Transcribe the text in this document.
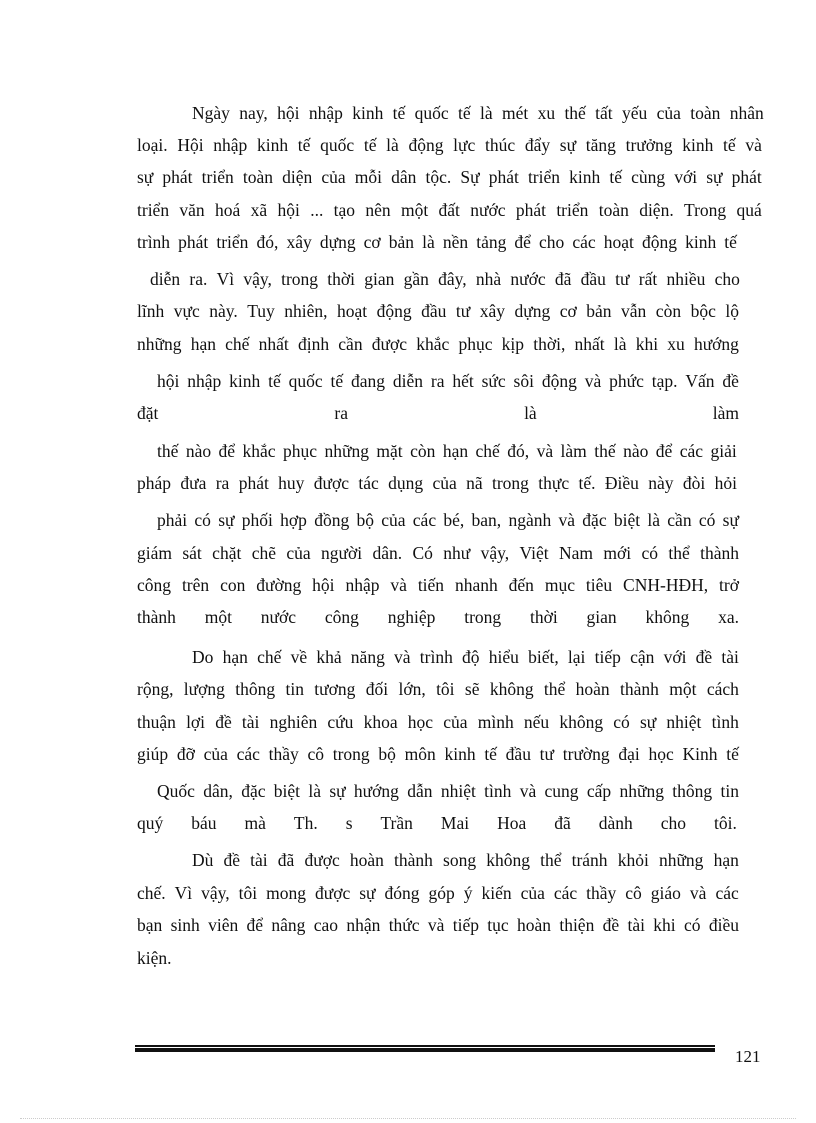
Ngày nay, hội nhập kinh tế quốc tế là mét xu thế tất yếu của toàn nhân
loại. Hội nhập kinh tế quốc tế là động lực thúc đẩy sự tăng trưởng kinh tế và
sự phát triển toàn diện của mỗi dân tộc. Sự phát triển kinh tế cùng với sự phát
triển văn hoá xã hội ... tạo nên một đất nước phát triển toàn diện. Trong quá
trình phát triển đó, xây dựng cơ bản là nền tảng để cho các hoạt động kinh tế
diễn ra. Vì vậy, trong thời gian gần đây, nhà nước đã đầu tư rất nhiều cho
lĩnh vực này. Tuy nhiên, hoạt động đầu tư xây dựng cơ bản vẫn còn bộc lộ
những hạn chế nhất định cần được khắc phục kịp thời, nhất là khi xu hướng
hội nhập kinh tế quốc tế đang diễn ra hết sức sôi động và phức tạp. Vấn đề
đặt	ra	là	làm
thế nào để khắc phục những mặt còn hạn chế đó, và làm thế nào để các giải
pháp đưa ra phát huy được tác dụng của nã trong thực tế. Điều này đòi hỏi
phải có sự phối hợp đồng bộ của các bé, ban, ngành và đặc biệt là cần có sự
giám sát chặt chẽ của người dân. Có như vậy, Việt Nam mới có thể thành
công trên con đường hội nhập và tiến nhanh đến mục tiêu CNH-HĐH, trở
thành một nước công nghiệp trong thời gian không xa.
Do hạn chế về khả năng và trình độ hiểu biết, lại tiếp cận với đề tài
rộng, lượng thông tin tương đối lớn, tôi sẽ không thể hoàn thành một cách
thuận lợi đề tài nghiên cứu khoa học của mình nếu không có sự nhiệt tình
giúp đỡ của các thầy cô trong bộ môn kinh tế đầu tư trường đại học Kinh tế
Quốc dân, đặc biệt là sự hướng dẫn nhiệt tình và cung cấp những thông tin
quý báu mà Th. s Trần Mai Hoa đã dành cho tôi.
Dù đề tài đã được hoàn thành song không thể tránh khỏi những hạn
chế. Vì vậy, tôi mong được sự đóng góp ý kiến của các thầy cô giáo và các
bạn sinh viên để nâng cao nhận thức và tiếp tục hoàn thiện đề tài khi có điều
kiện.
121
